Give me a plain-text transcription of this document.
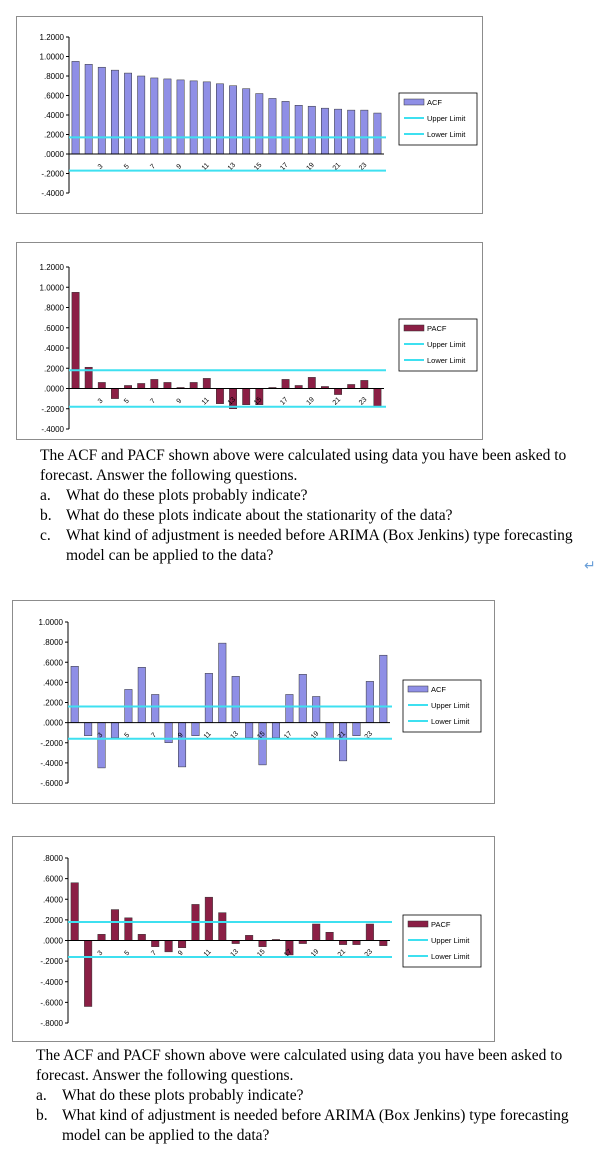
1.2000
1.0000
.8000
.6000
.4000
.2000
.0000
-.2000
-.4000
3	5	7	9 11 13 15 17 19 21 23
ACF
Upper Limit
Lower Limit
1.2000
1.0000
.8000
.6000
.4000
.2000
.0000
-.2000
-.4000
3	5	7	9 11 13 15 17 19 21 23
PACF
Upper Limit
Lower Limit

The ACF and PACF shown above were calculated using data you have been asked to forecast. Answer the following questions.

a. What do these plots probably indicate?
b. What do these plots indicate about the stationarity of the data?
c. What kind of adjustment is needed before ARIMA (Box Jenkins) type forecasting model can be applied to the data?
↵
1.0000
.8000
.6000
.4000
.2000
.0000
-.2000
-.4000
-.6000
3	5	7	9	11 13 15 17 19 21 23
ACF
Upper Limit
Lower Limit
.8000
.6000
.4000
.2000
.0000
-.2000
-.4000
-.6000
-.8000
3	5	7	9	11 13 15 17 19 21 23
PACF
Upper Limit
Lower Limit

The ACF and PACF shown above were calculated using data you have been asked to forecast. Answer the following questions.

a. What do these plots probably indicate?
b. What kind of adjustment is needed before ARIMA (Box Jenkins) type forecasting model can be applied to the data?
